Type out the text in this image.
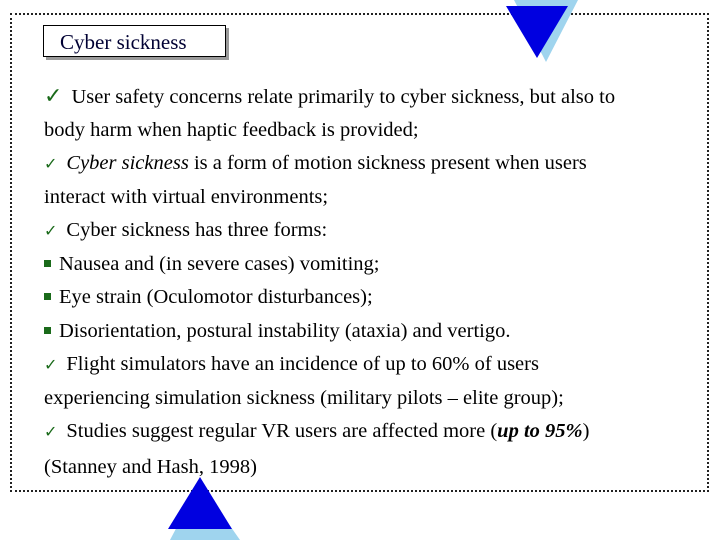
Cyber sickness
✓ User safety concerns relate primarily to cyber sickness, but also to
body harm when haptic feedback is provided;
✓ Cyber sickness is a form of motion sickness present when users
interact with virtual environments;
✓ Cyber sickness has three forms:
Nausea and (in severe cases) vomiting;
Eye strain (Oculomotor disturbances);
Disorientation, postural instability (ataxia) and vertigo.
✓ Flight simulators have an incidence of up to 60% of users
experiencing simulation sickness (military pilots – elite group);
✓ Studies suggest regular VR users are affected more (up to 95%)
(Stanney and Hash, 1998)
